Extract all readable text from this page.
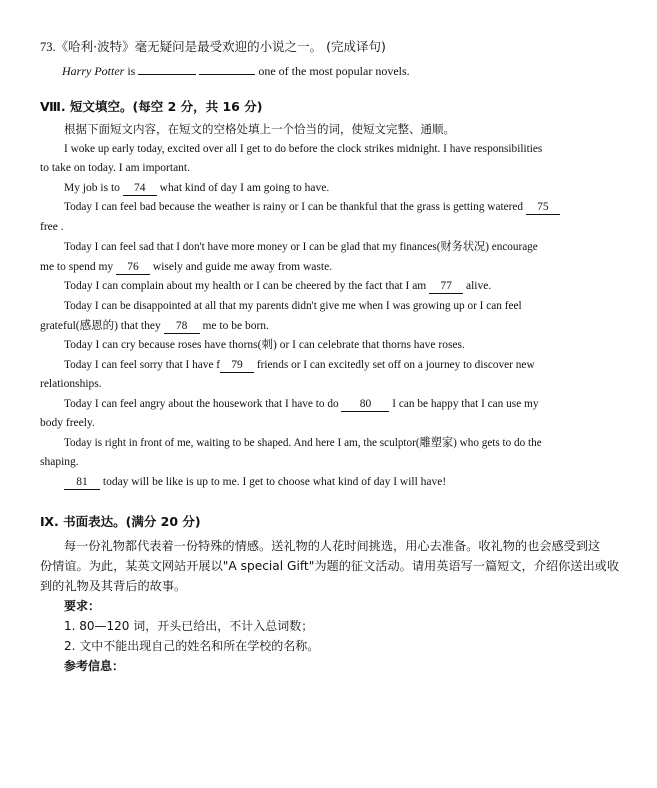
73.《哈利·波特》毫无疑问是最受欢迎的小说之一。 (完成译句)
Harry Potter is	one of the most popular novels.
Ⅷ. 短文填空。(每空 2 分，共 16 分)
根据下面短文内容，在短文的空格处填上一个恰当的词，使短文完整、通顺。
I woke up early today, excited over all I get to do before the clock strikes midnight. I have responsibilities
to take on today. I am important.
My job is to 74 what kind of day I am going to have.
Today I can feel bad because the weather is rainy or I can be thankful that the grass is getting watered 75
free .
Today I can feel sad that I don't have more money or I can be glad that my finances(财务状况) encourage
me to spend my 76 wisely and guide me away from waste.
Today I can complain about my health or I can be cheered by the fact that I am 77 alive.
Today I can be disappointed at all that my parents didn't give me when I was growing up or I can feel
grateful(感恩的) that they 78 me to be born.
Today I can cry because roses have thorns(刺) or I can celebrate that thorns have roses.
Today I can feel sorry that I have f 79 friends or I can excitedly set off on a journey to discover new
relationships.
Today I can feel angry about the housework that I have to do 80 I can be happy that I can use my
body freely.
Today is right in front of me, waiting to be shaped. And here I am, the sculptor(雕塑家) who gets to do the
shaping.
81 today will be like is up to me. I get to choose what kind of day I will have!
Ⅸ. 书面表达。(满分 20 分)
每一份礼物都代表着一份特殊的情感。送礼物的人花时间挑选，用心去准备。收礼物的也会感受到这
份情谊。为此，某英文网站开展以"A special Gift"为题的征文活动。请用英语写一篇短文，介绍你送出或收
到的礼物及其背后的故事。
要求：
1. 80—120 词，开头已给出，不计入总词数；
2. 文中不能出现自己的姓名和所在学校的名称。
参考信息：
